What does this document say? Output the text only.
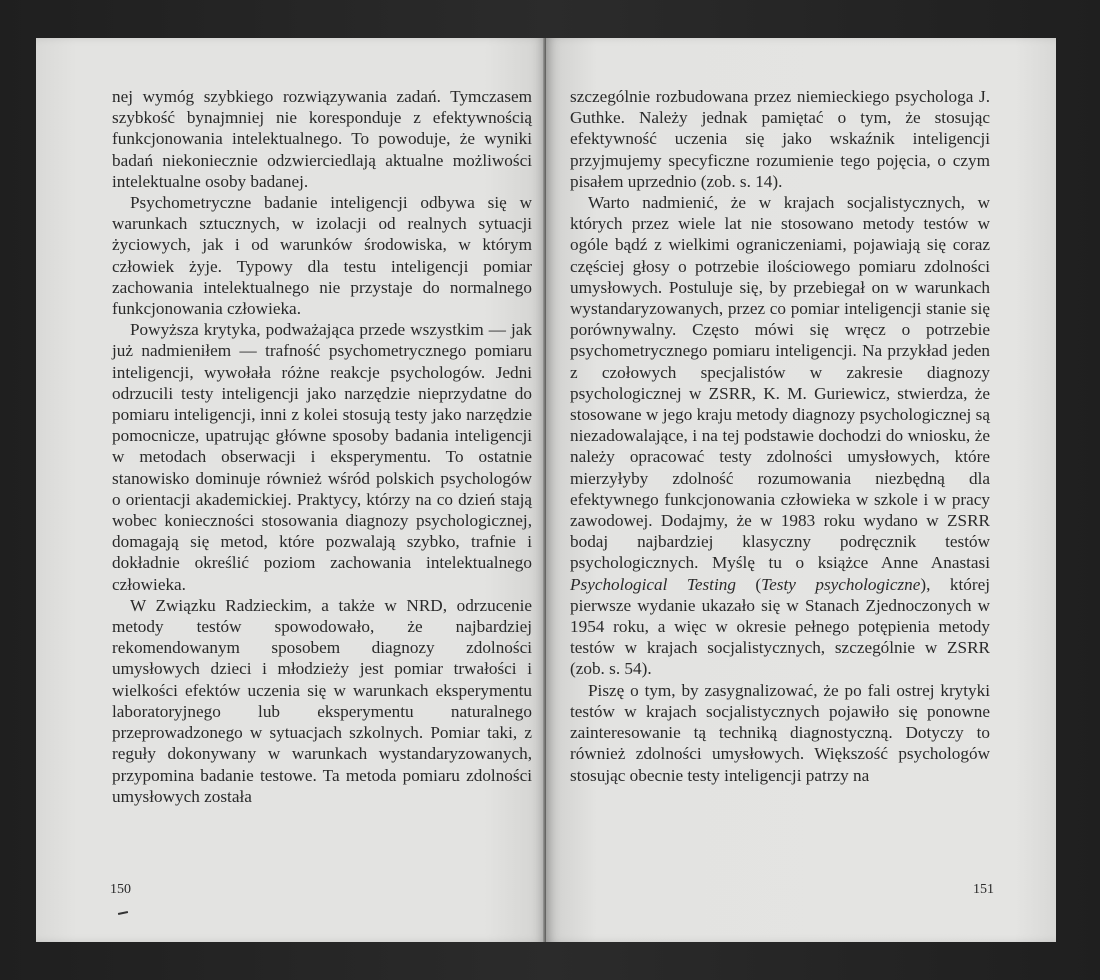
nej wymóg szybkiego rozwiązywania zadań. Tymczasem szybkość bynajmniej nie koresponduje z efektywnością funkcjonowania intelektualnego. To powoduje, że wyniki badań niekoniecznie odzwierciedlają aktualne możliwości intelektualne osoby badanej.

Psychometryczne badanie inteligencji odbywa się w warunkach sztucznych, w izolacji od realnych sytuacji życiowych, jak i od warunków środowiska, w którym człowiek żyje. Typowy dla testu inteligencji pomiar zachowania intelektualnego nie przystaje do normalnego funkcjonowania człowieka.

Powyższa krytyka, podważająca przede wszystkim — jak już nadmieniłem — trafność psychometrycznego pomiaru inteligencji, wywołała różne reakcje psychologów. Jedni odrzucili testy inteligencji jako narzędzie nieprzydatne do pomiaru inteligencji, inni z kolei stosują testy jako narzędzie pomocnicze, upatrując główne sposoby badania inteligencji w metodach obserwacji i eksperymentu. To ostatnie stanowisko dominuje również wśród polskich psychologów o orientacji akademickiej. Praktycy, którzy na co dzień stają wobec konieczności stosowania diagnozy psychologicznej, domagają się metod, które pozwalają szybko, trafnie i dokładnie określić poziom zachowania intelektualnego człowieka.

W Związku Radzieckim, a także w NRD, odrzucenie metody testów spowodowało, że najbardziej rekomendowanym sposobem diagnozy zdolności umysłowych dzieci i młodzieży jest pomiar trwałości i wielkości efektów uczenia się w warunkach eksperymentu laboratoryjnego lub eksperymentu naturalnego przeprowadzonego w sytuacjach szkolnych. Pomiar taki, z reguły dokonywany w warunkach wystandaryzowanych, przypomina badanie testowe. Ta metoda pomiaru zdolności umysłowych została

150

szczególnie rozbudowana przez niemieckiego psychologa J. Guthke. Należy jednak pamiętać o tym, że stosując efektywność uczenia się jako wskaźnik inteligencji przyjmujemy specyficzne rozumienie tego pojęcia, o czym pisałem uprzednio (zob. s. 14).

Warto nadmienić, że w krajach socjalistycznych, w których przez wiele lat nie stosowano metody testów w ogóle bądź z wielkimi ograniczeniami, pojawiają się coraz częściej głosy o potrzebie ilościowego pomiaru zdolności umysłowych. Postuluje się, by przebiegał on w warunkach wystandaryzowanych, przez co pomiar inteligencji stanie się porównywalny. Często mówi się wręcz o potrzebie psychometrycznego pomiaru inteligencji. Na przykład jeden z czołowych specjalistów w zakresie diagnozy psychologicznej w ZSRR, K. M. Guriewicz, stwierdza, że stosowane w jego kraju metody diagnozy psychologicznej są niezadowalające, i na tej podstawie dochodzi do wniosku, że należy opracować testy zdolności umysłowych, które mierzyłyby zdolność rozumowania niezbędną dla efektywnego funkcjonowania człowieka w szkole i w pracy zawodowej. Dodajmy, że w 1983 roku wydano w ZSRR bodaj najbardziej klasyczny podręcznik testów psychologicznych. Myślę tu o książce Anne Anastasi Psychological Testing (Testy psychologiczne), której pierwsze wydanie ukazało się w Stanach Zjednoczonych w 1954 roku, a więc w okresie pełnego potępienia metody testów w krajach socjalistycznych, szczególnie w ZSRR (zob. s. 54).

Piszę o tym, by zasygnalizować, że po fali ostrej krytyki testów w krajach socjalistycznych pojawiło się ponowne zainteresowanie tą techniką diagnostyczną. Dotyczy to również zdolności umysłowych. Większość psychologów stosując obecnie testy inteligencji patrzy na

151
